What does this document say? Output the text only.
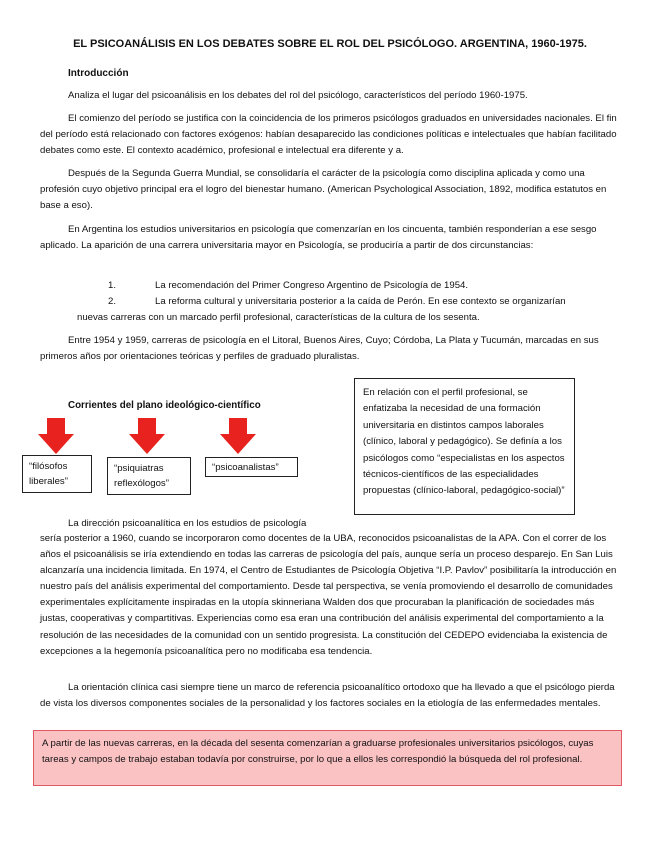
EL PSICOANÁLISIS EN LOS DEBATES SOBRE EL ROL DEL PSICÓLOGO. ARGENTINA, 1960-1975.
Introducción

Analiza el lugar del psicoanálisis en los debates del rol del psicólogo, característicos del período 1960-1975.

El comienzo del período se justifica con la coincidencia de los primeros psicólogos graduados en universidades nacionales. El fin del período está relacionado con factores exógenos: habían desaparecido las condiciones políticas e intelectuales que habían facilitado debates como este. El contexto académico, profesional e intelectual era diferente y a.

Después de la Segunda Guerra Mundial, se consolidaría el carácter de la psicología como disciplina aplicada y como una profesión cuyo objetivo principal era el logro del bienestar humano. (American Psychological Association, 1892, modifica estatutos en base a eso).

En Argentina los estudios universitarios en psicología que comenzarían en los cincuenta, también responderían a ese sesgo aplicado. La aparición de una carrera universitaria mayor en Psicología, se produciría a partir de dos circunstancias:

1.	La recomendación del Primer Congreso Argentino de Psicología de 1954.
2.	La reforma cultural y universitaria posterior a la caída de Perón. En ese contexto se organizarían
nuevas carreras con un marcado perfil profesional, características de la cultura de los sesenta.

Entre 1954 y 1959, carreras de psicología en el Litoral, Buenos Aires, Cuyo; Córdoba, La Plata y Tucumán, marcadas en sus primeros años por orientaciones teóricas y perfiles de graduado pluralistas.

Corrientes del plano ideológico-científico
“filósofos liberales”
“psiquiatras reflexólogos”
“psicoanalistas”
En relación con el perfil profesional, se enfatizaba la necesidad de una formación universitaria en distintos campos laborales (clínico, laboral y pedagógico). Se definía a los psicólogos como “especialistas en los aspectos técnicos-científicos de las especialidades propuestas (clínico-laboral, pedagógico-social)”

La dirección psicoanalítica en los estudios de psicología

sería posterior a 1960, cuando se incorporaron como docentes de la UBA, reconocidos psicoanalistas de la APA. Con el correr de los años el psicoanálisis se iría extendiendo en todas las carreras de psicología del país, aunque sería un proceso desparejo. En San Luis alcanzaría una incidencia limitada. En 1974, el Centro de Estudiantes de Psicología Objetiva “I.P. Pavlov” posibilitaría la introducción en nuestro país del análisis experimental del comportamiento. Desde tal perspectiva, se venía promoviendo el desarrollo de comunidades experimentales explícitamente inspiradas en la utopía skinneriana Walden dos que procuraban la planificación de sociedades más justas, cooperativas y compartitivas. Experiencias como esa eran una contribución del análisis experimental del comportamiento a la resolución de las necesidades de la comunidad con un sentido progresista. La constitución del CEDEPO evidenciaba la existencia de excepciones a la hegemonía psicoanalítica pero no modificaba esa tendencia.

La orientación clínica casi siempre tiene un marco de referencia psicoanalítico ortodoxo que ha llevado a que el psicólogo pierda de vista los diversos componentes sociales de la personalidad y los factores sociales en la etiología de las enfermedades mentales.

A partir de las nuevas carreras, en la década del sesenta comenzarían a graduarse profesionales universitarios psicólogos, cuyas tareas y campos de trabajo estaban todavía por construirse, por lo que a ellos les correspondió la búsqueda del rol profesional.
